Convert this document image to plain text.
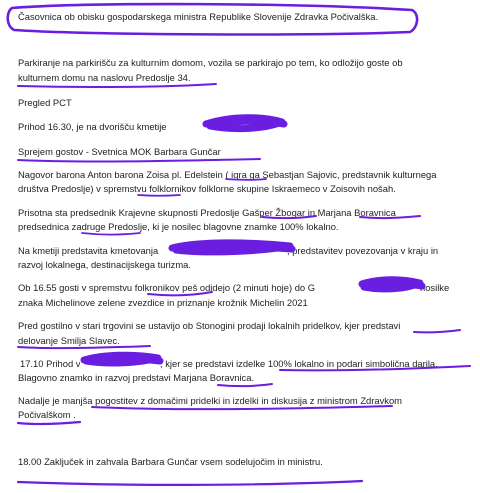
Časovnica ob obisku gospodarskega ministra Republike Slovenije Zdravka Počivalška.

Parkiranje na parkirišču za kulturnim domom, vozila se parkirajo po tem, ko odložijo goste ob

kulturnem domu na naslovu Predoslje 34.

Pregled PCT

Prihod 16.30, je na dvorišču kmetije

Sprejem gostov - Svetnica MOK Barbara Gunčar

Nagovor barona Anton barona Zoisa pl. Edelstein ( igra ga Sebastjan Sajovic, predstavnik kulturnega

društva Predoslje) v spremstvu folklornikov folklorne skupine Iskraemeco v Zoisovih nošah.

Prisotna sta predsednik Krajevne skupnosti Predoslje Gašper Žbogar in Marjana Boravnica

predsednica zadruge Predoslje, ki je nosilec blagovne znamke 100% lokalno.

Na kmetiji predstavita kmetovanja	, predstavitev povezovanja v kraju in

razvoj lokalnega, destinacijskega turizma.

Ob 16.55 gosti v spremstvu folkronikov peš odidejo (2 minuti hoje) do G	nosilke

znaka Michelinove zelene zvezdice in priznanje krožnik Michelin 2021

Pred gostilno v stari trgovini se ustavijo ob Stonogini prodaji lokalnih pridelkov, kjer predstavi

delovanje Smilja Slavec.

17.10 Prihod v	, kjer se predstavi izdelke 100% lokalno in podari simbolična darila.

Blagovno znamko in razvoj predstavi Marjana Boravnica.

Nadalje je manjša pogostitev z domačimi pridelki in izdelki in diskusija z ministrom Zdravkom

Počivalškom .

18.00 Zaključek in zahvala Barbara Gunčar vsem sodelujočim in ministru.
